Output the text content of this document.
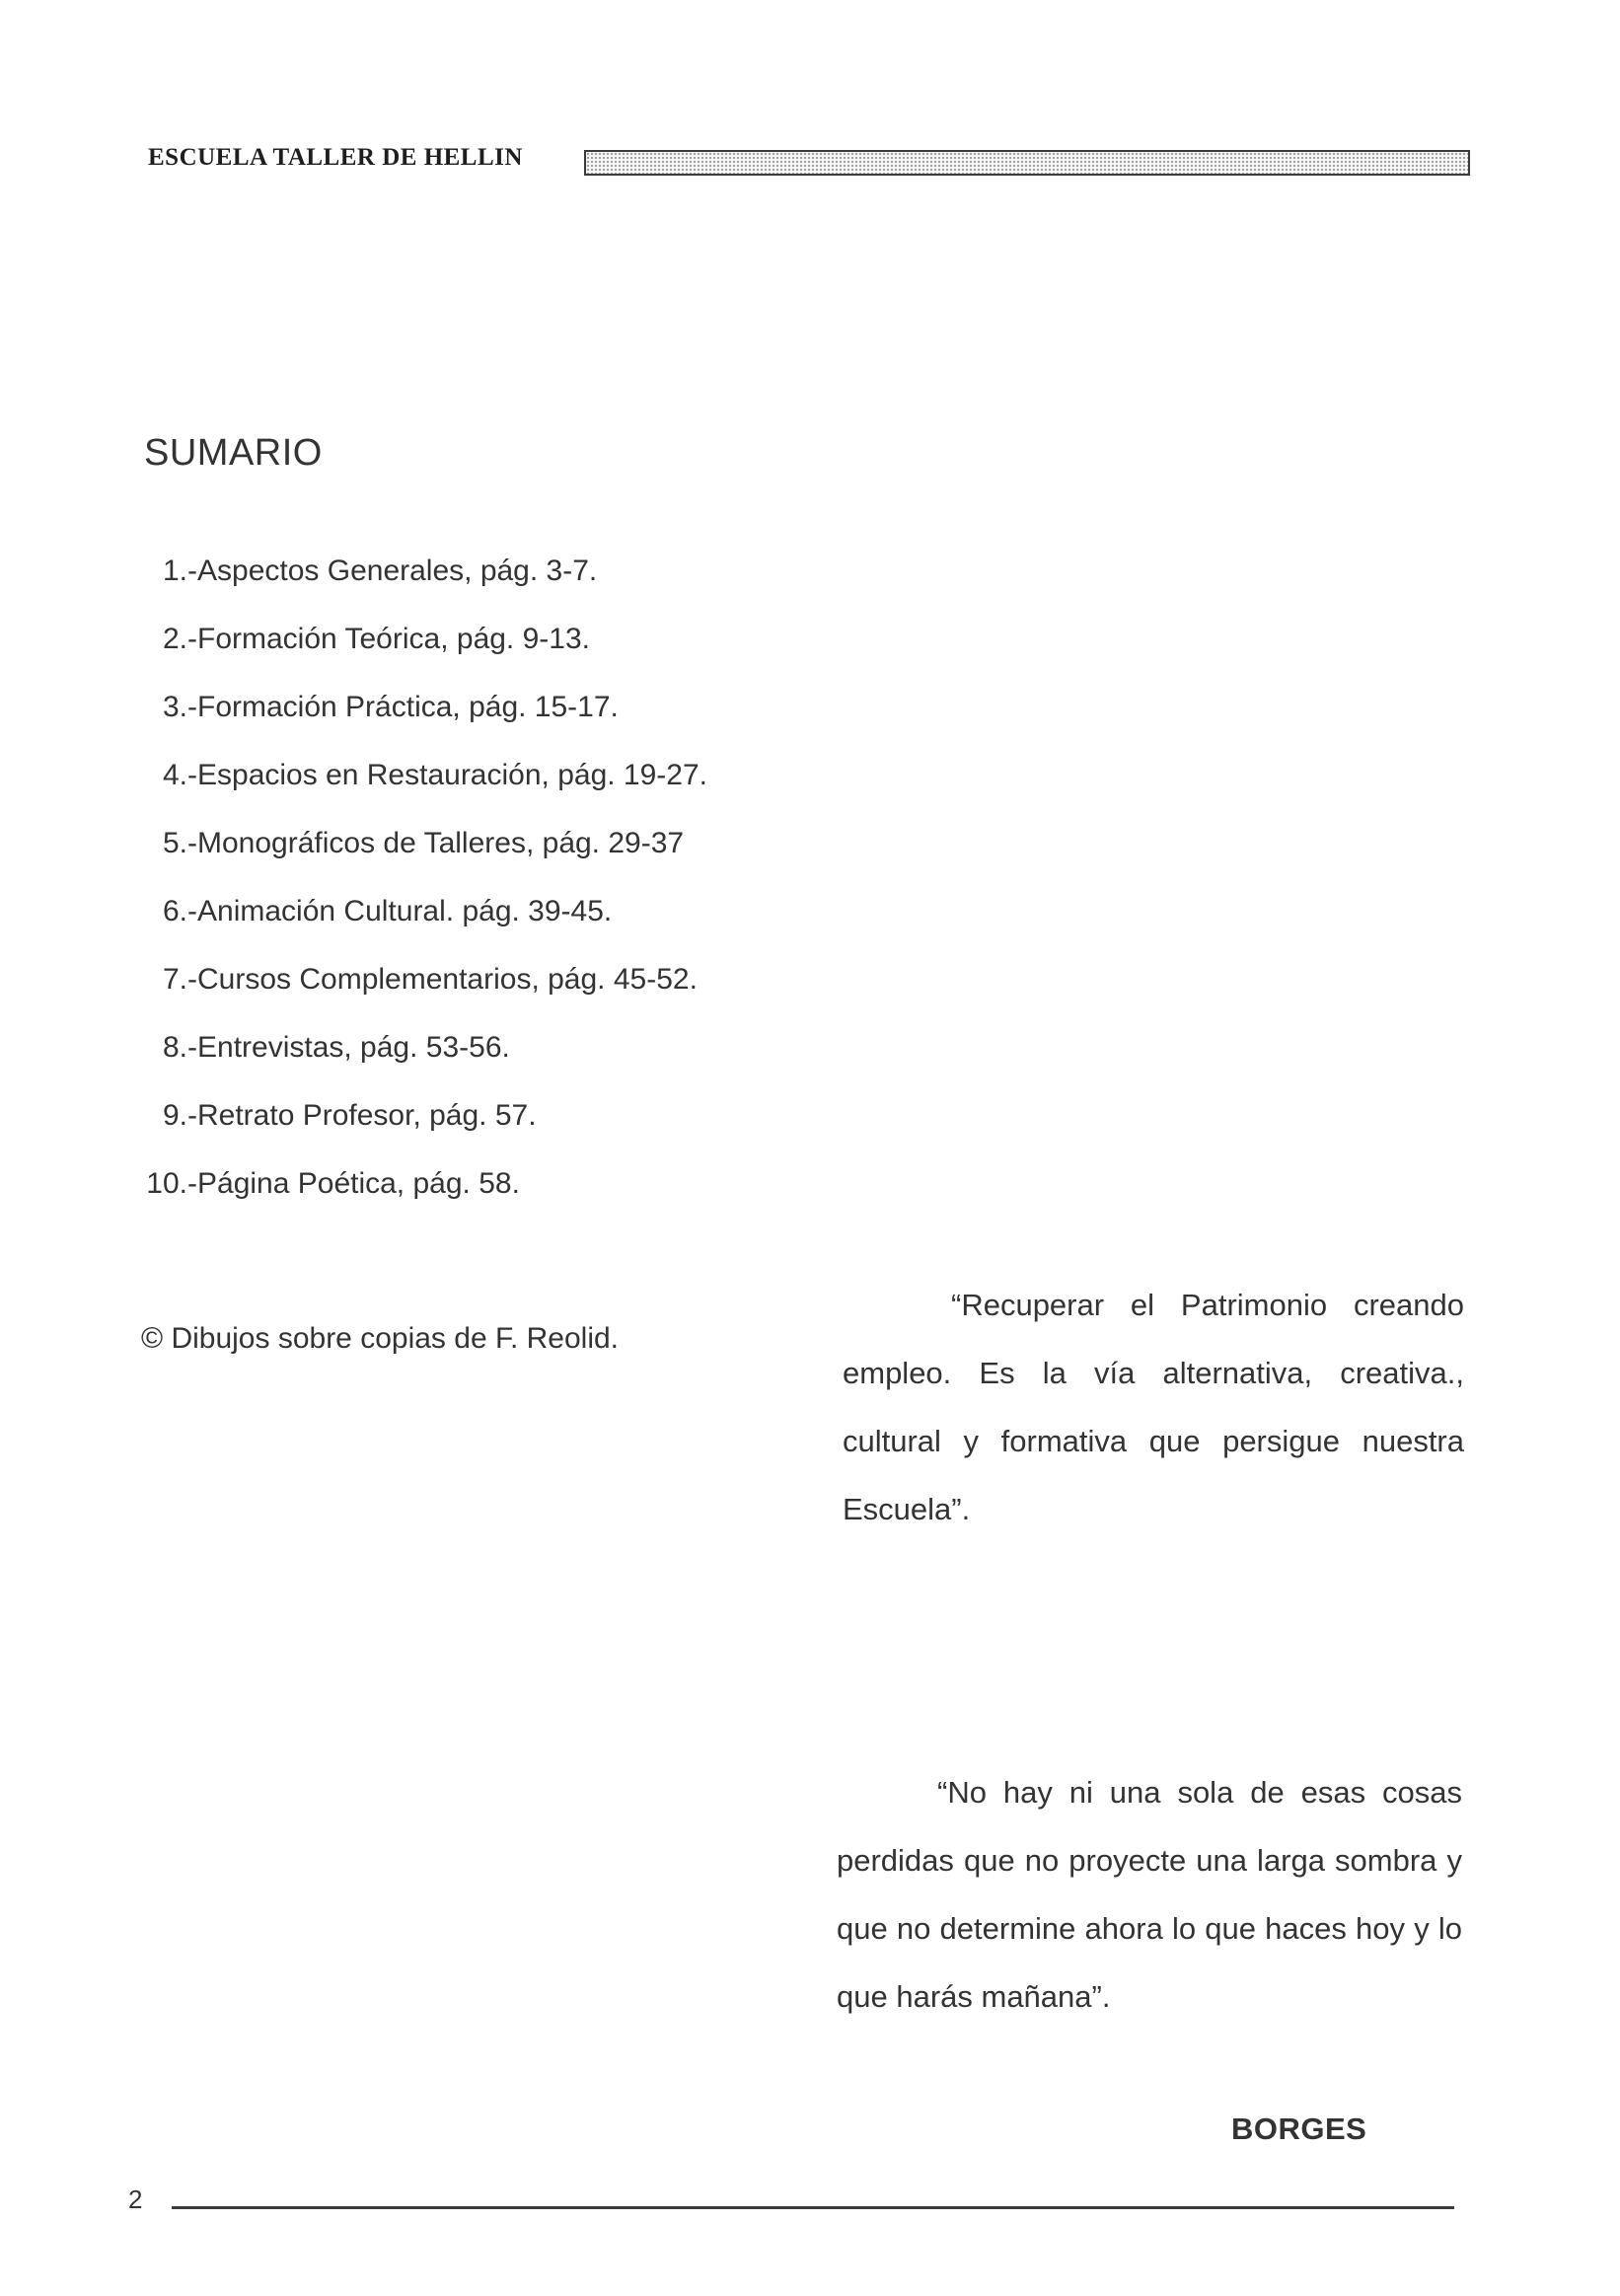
ESCUELA TALLER DE HELLIN
SUMARIO
1.- Aspectos Generales, pág. 3-7.
2.- Formación Teórica, pág. 9-13.
3.- Formación Práctica, pág. 15-17.
4.- Espacios en Restauración, pág. 19-27.
5.- Monográficos de Talleres, pág. 29-37
6.- Animación Cultural. pág. 39-45.
7.- Cursos Complementarios, pág. 45-52.
8.- Entrevistas, pág. 53-56.
9.- Retrato Profesor, pág. 57.
10.- Página Poética, pág. 58.
© Dibujos sobre copias de F. Reolid.

“Recuperar el Patrimonio creando empleo. Es la vía alternativa, creativa., cultural y formativa que persigue nuestra Escuela”.

“No hay ni una sola de esas cosas perdidas que no proyecte una larga sombra y que no determine ahora lo que haces hoy y lo que harás mañana”.

BORGES
2
